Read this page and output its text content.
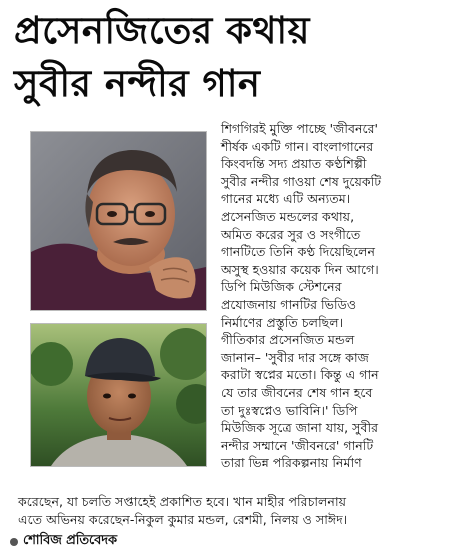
প্রসেনজিতের কথায়
সুবীর নন্দীর গান

শিগগিরই মুক্তি পাচ্ছে 'জীবনরে'

শীর্ষক একটি গান। বাংলাগানের

কিংবদন্তি সদ্য প্রয়াত কণ্ঠশিল্পী

সুবীর নন্দীর গাওয়া শেষ দুয়েকটি

গানের মধ্যে এটি অন্যতম।

প্রসেনজিত মন্ডলের কথায়,

অমিত করের সুর ও সংগীতে

গানটিতে তিনি কণ্ঠ দিয়েছিলেন

অসুস্থ হওয়ার কয়েক দিন আগে।

ডিপি মিউজিক স্টেশনের

প্রযোজনায় গানটির ভিডিও

নির্মাণের প্রস্তুতি চলছিল।

গীতিকার প্রসেনজিত মন্ডল

জানান– 'সুবীর দার সঙ্গে কাজ

করাটা স্বপ্নের মতো। কিন্তু এ গান

যে তার জীবনের শেষ গান হবে

তা দুঃস্বপ্নেও ভাবিনি।' ডিপি

মিউজিক সূত্রে জানা যায়, সুবীর

নন্দীর সম্মানে 'জীবনরে' গানটি

তারা ভিন্ন পরিকল্পনায় নির্মাণ

করেছেন, যা চলতি সপ্তাহেই প্রকাশিত হবে। খান মাহীর পরিচালনায়

এতে অভিনয় করেছেন-নিকুল কুমার মন্ডল, রেশমী, নিলয় ও সাঈদ।

শোবিজ প্রতিবেদক
